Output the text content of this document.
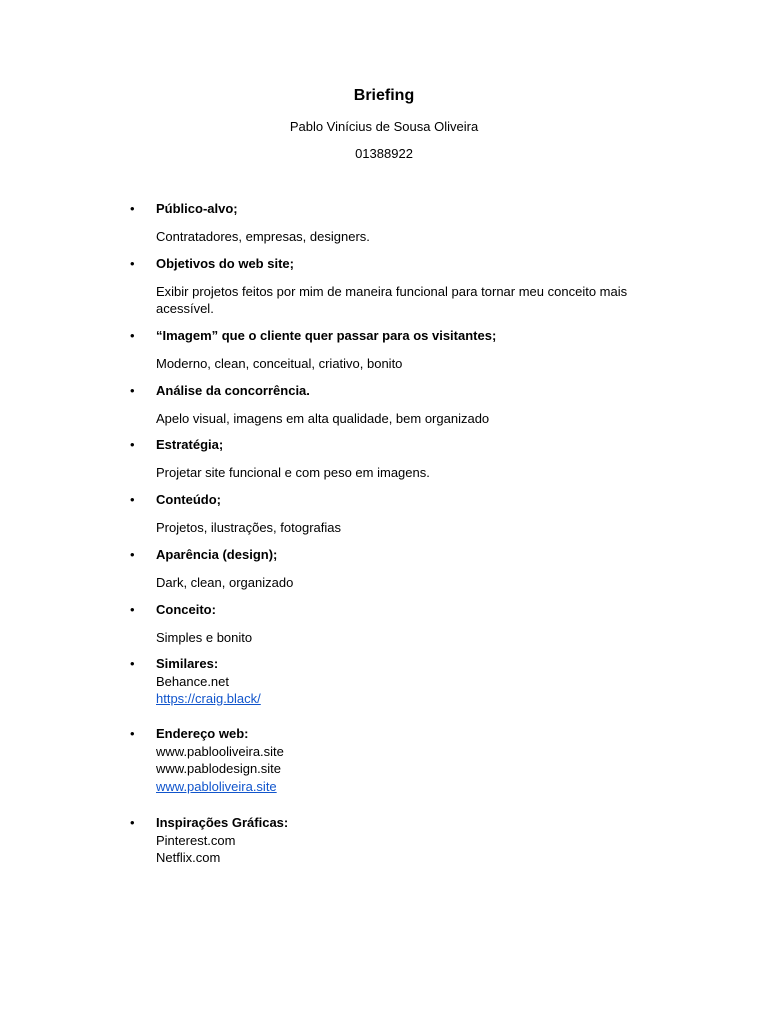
Briefing
Pablo Vinícius de Sousa Oliveira
01388922
• Público-alvo;
Contratadores, empresas, designers.
• Objetivos do web site;
Exibir projetos feitos por mim de maneira funcional para tornar meu conceito mais acessível.
• “Imagem” que o cliente quer passar para os visitantes;
Moderno, clean, conceitual, criativo, bonito
• Análise da concorrência.
Apelo visual, imagens em alta qualidade, bem organizado
• Estratégia;
Projetar site funcional e com peso em imagens.
• Conteúdo;
Projetos, ilustrações, fotografias
• Aparência (design);
Dark, clean, organizado
• Conceito:
Simples e bonito
• Similares:
Behance.net
https://craig.black/
• Endereço web:
www.pablooliveira.site
www.pablodesign.site
www.pabloliveira.site
• Inspirações Gráficas:
Pinterest.com
Netflix.com
